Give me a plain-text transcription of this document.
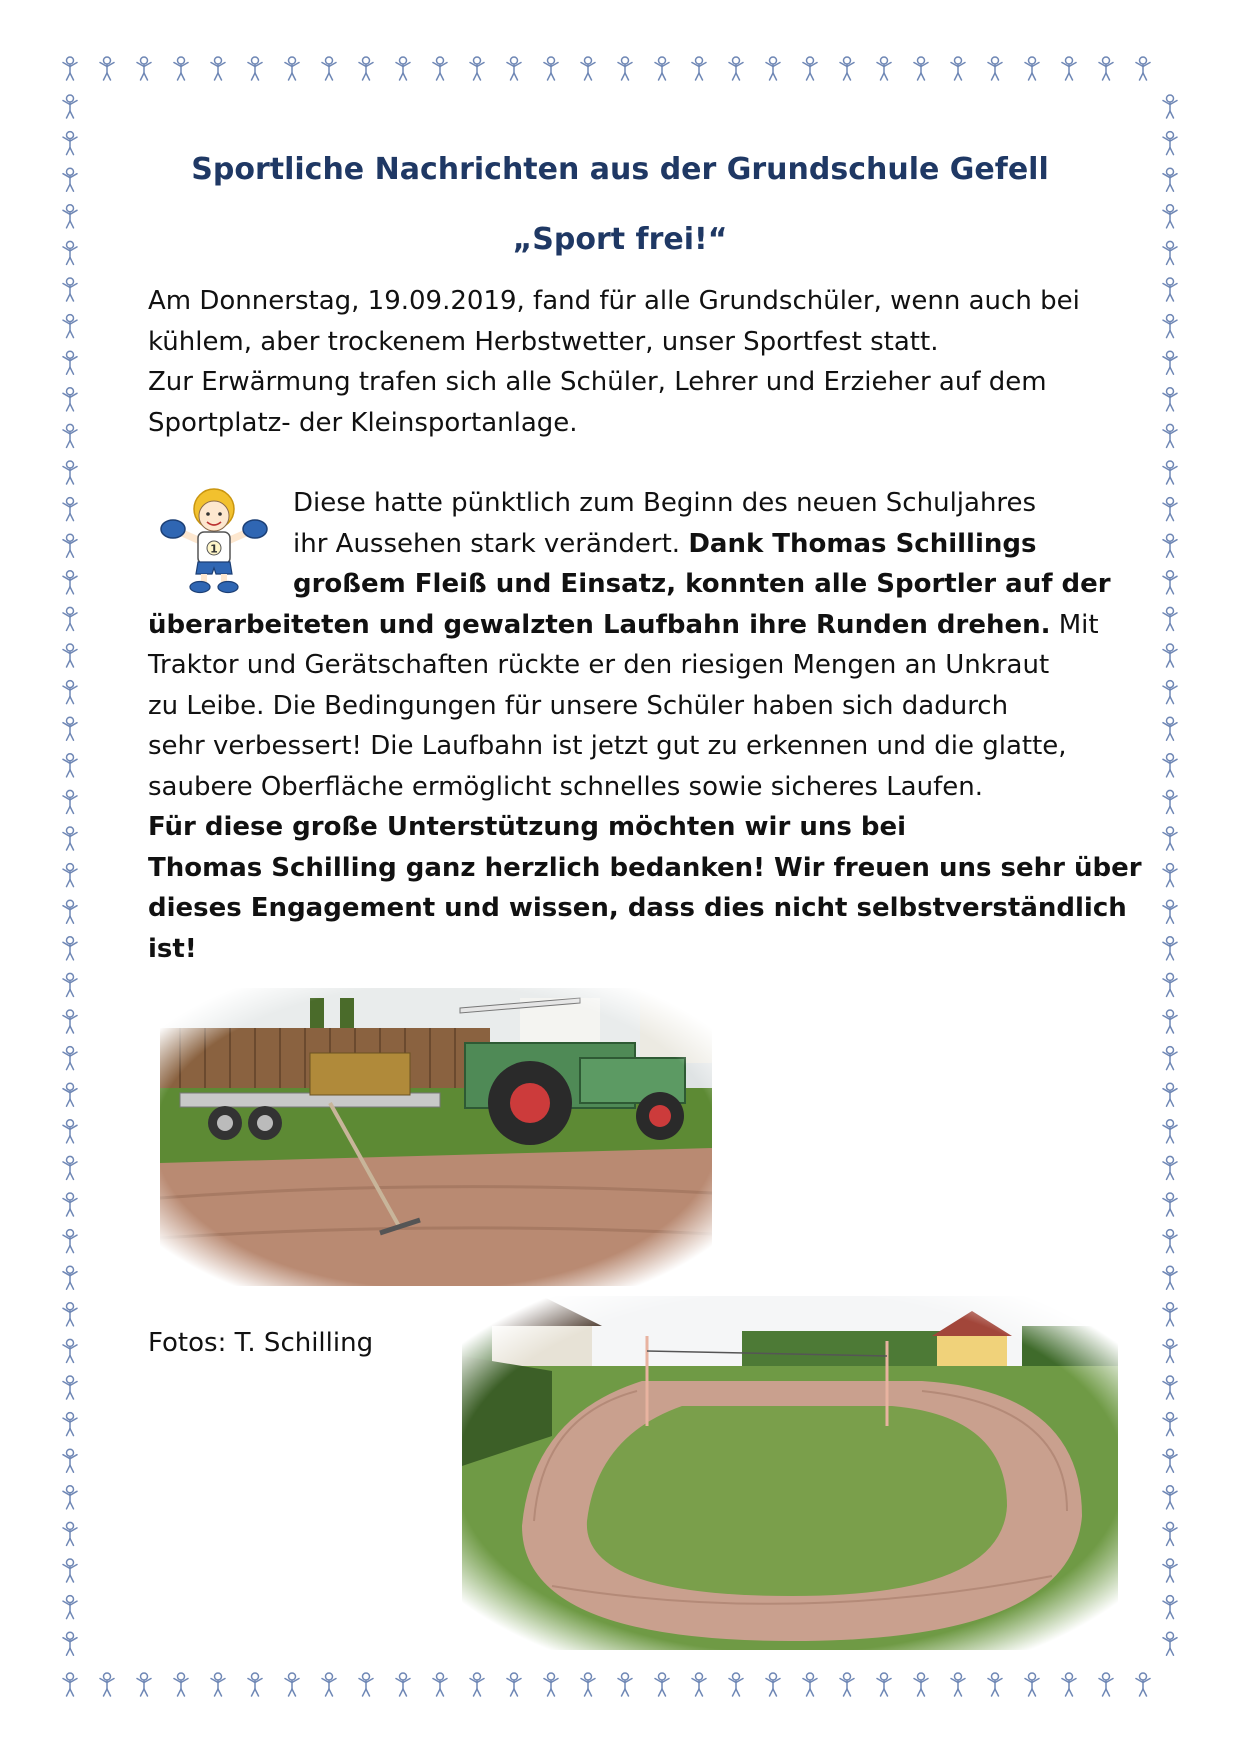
Sportliche Nachrichten aus der Grundschule Gefell
„Sport frei!“

Am Donnerstag, 19.09.2019, fand für alle Grundschüler, wenn auch bei kühlem, aber trockenem Herbstwetter, unser Sportfest statt.

Zur Erwärmung trafen sich alle Schüler, Lehrer und Erzieher auf dem Sportplatz- der Kleinsportanlage.

1
Diese hatte pünktlich zum Beginn des neuen Schuljahres
ihr Aussehen stark verändert. Dank Thomas Schillings
großem Fleiß und Einsatz, konnten alle Sportler auf der
überarbeiteten und gewalzten Laufbahn ihre Runden drehen. Mit
Traktor und Gerätschaften rückte er den riesigen Mengen an Unkraut
zu Leibe. Die Bedingungen für unsere Schüler haben sich dadurch
sehr verbessert! Die Laufbahn ist jetzt gut zu erkennen und die glatte,
saubere Oberfläche ermöglicht schnelles sowie sicheres Laufen.
Für diese große Unterstützung möchten wir uns bei
Thomas Schilling ganz herzlich bedanken! Wir freuen uns sehr über
dieses Engagement und wissen, dass dies nicht selbstverständlich
ist!
Fotos: T. Schilling
